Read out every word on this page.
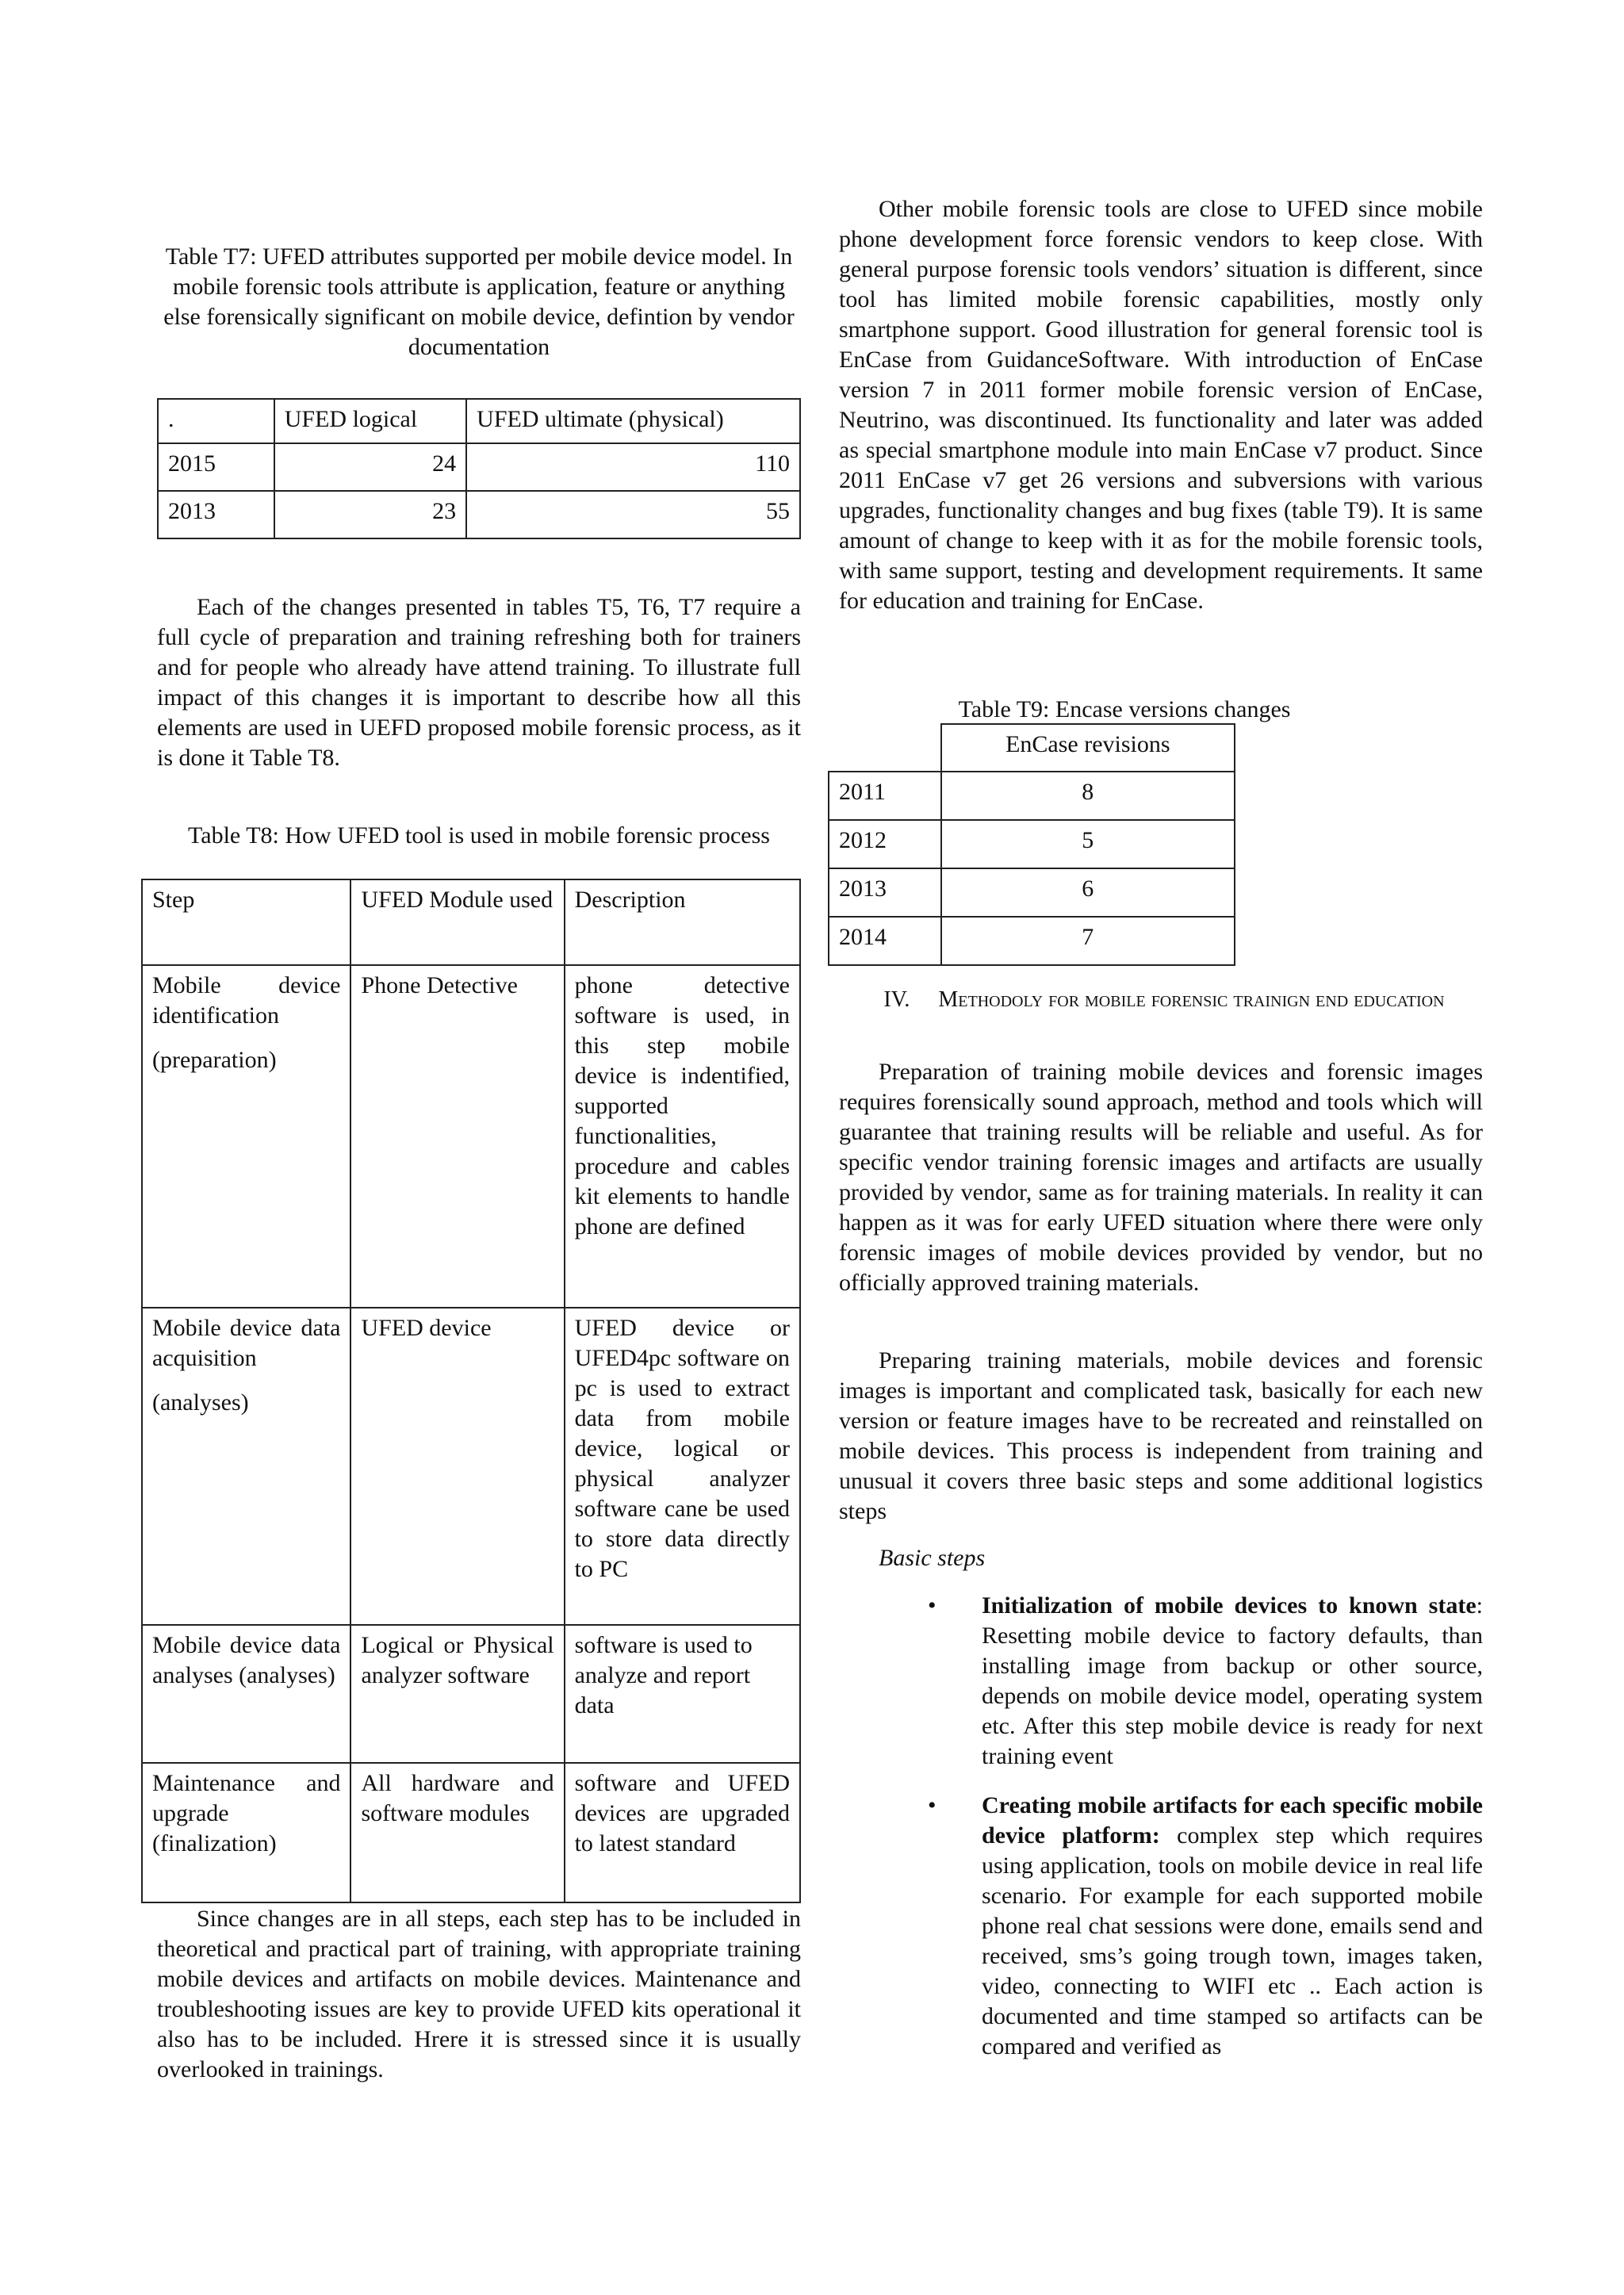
Table T7: UFED attributes supported per mobile device model. In mobile forensic tools attribute is application, feature or anything else forensically significant on mobile device, defintion by vendor documentation

.	UFED logical	UFED ultimate (physical)
2015	24	110
2013	23	55

Each of the changes presented in tables T5, T6, T7 require a full cycle of preparation and training refreshing both for trainers and for people who already have attend training. To illustrate full impact of this changes it is important to describe how all this elements are used in UEFD proposed mobile forensic process, as it is done it Table T8.

Table T8: How UFED tool is used in mobile forensic process

Step	UFED Module used	Description

Mobile device identification
(preparation)	Phone Detective	phone detective software is used, in this step mobile device is indentified, supported functionalities, procedure and cables kit elements to handle phone are defined

Mobile device data acquisition
(analyses)	UFED device	UFED device or UFED4pc software on pc is used to extract data from mobile device, logical or physical analyzer software cane be used to store data directly to PC
Mobile device data analyses (analyses)	Logical or Physical analyzer software	software is used to analyze and report data
Maintenance and upgrade (finalization)	All hardware and software modules	software and UFED devices are upgraded to latest standard

Since changes are in all steps, each step has to be included in theoretical and practical part of training, with appropriate training mobile devices and artifacts on mobile devices. Maintenance and troubleshooting issues are key to provide UFED kits operational it also has to be included. Hrere it is stressed since it is usually overlooked in trainings.

Other mobile forensic tools are close to UFED since mobile phone development force forensic vendors to keep close. With general purpose forensic tools vendors’ situation is different, since tool has limited mobile forensic capabilities, mostly only smartphone support. Good illustration for general forensic tool is EnCase from GuidanceSoftware. With introduction of EnCase version 7 in 2011 former mobile forensic version of EnCase, Neutrino, was discontinued. Its functionality and later was added as special smartphone module into main EnCase v7 product. Since 2011 EnCase v7 get 26 versions and subversions with various upgrades, functionality changes and bug fixes (table T9). It is same amount of change to keep with it as for the mobile forensic tools, with same support, testing and development requirements. It same for education and training for EnCase.

Table T9: Encase versions changes

	EnCase revisions
2011	8
2012	5
2013	6
2014	7
IV. Methodoly for mobile forensic trainign end education

Preparation of training mobile devices and forensic images requires forensically sound approach, method and tools which will guarantee that training results will be reliable and useful. As for specific vendor training forensic images and artifacts are usually provided by vendor, same as for training materials. In reality it can happen as it was for early UFED situation where there were only forensic images of mobile devices provided by vendor, but no officially approved training materials.

Preparing training materials, mobile devices and forensic images is important and complicated task, basically for each new version or feature images have to be recreated and reinstalled on mobile devices. This process is independent from training and unusual it covers three basic steps and some additional logistics steps

Basic steps

• Initialization of mobile devices to known state: Resetting mobile device to factory defaults, than installing image from backup or other source, depends on mobile device model, operating system etc. After this step mobile device is ready for next training event
• Creating mobile artifacts for each specific mobile device platform: complex step which requires using application, tools on mobile device in real life scenario. For example for each supported mobile phone real chat sessions were done, emails send and received, sms’s going trough town, images taken, video, connecting to WIFI etc .. Each action is documented and time stamped so artifacts can be compared and verified as
